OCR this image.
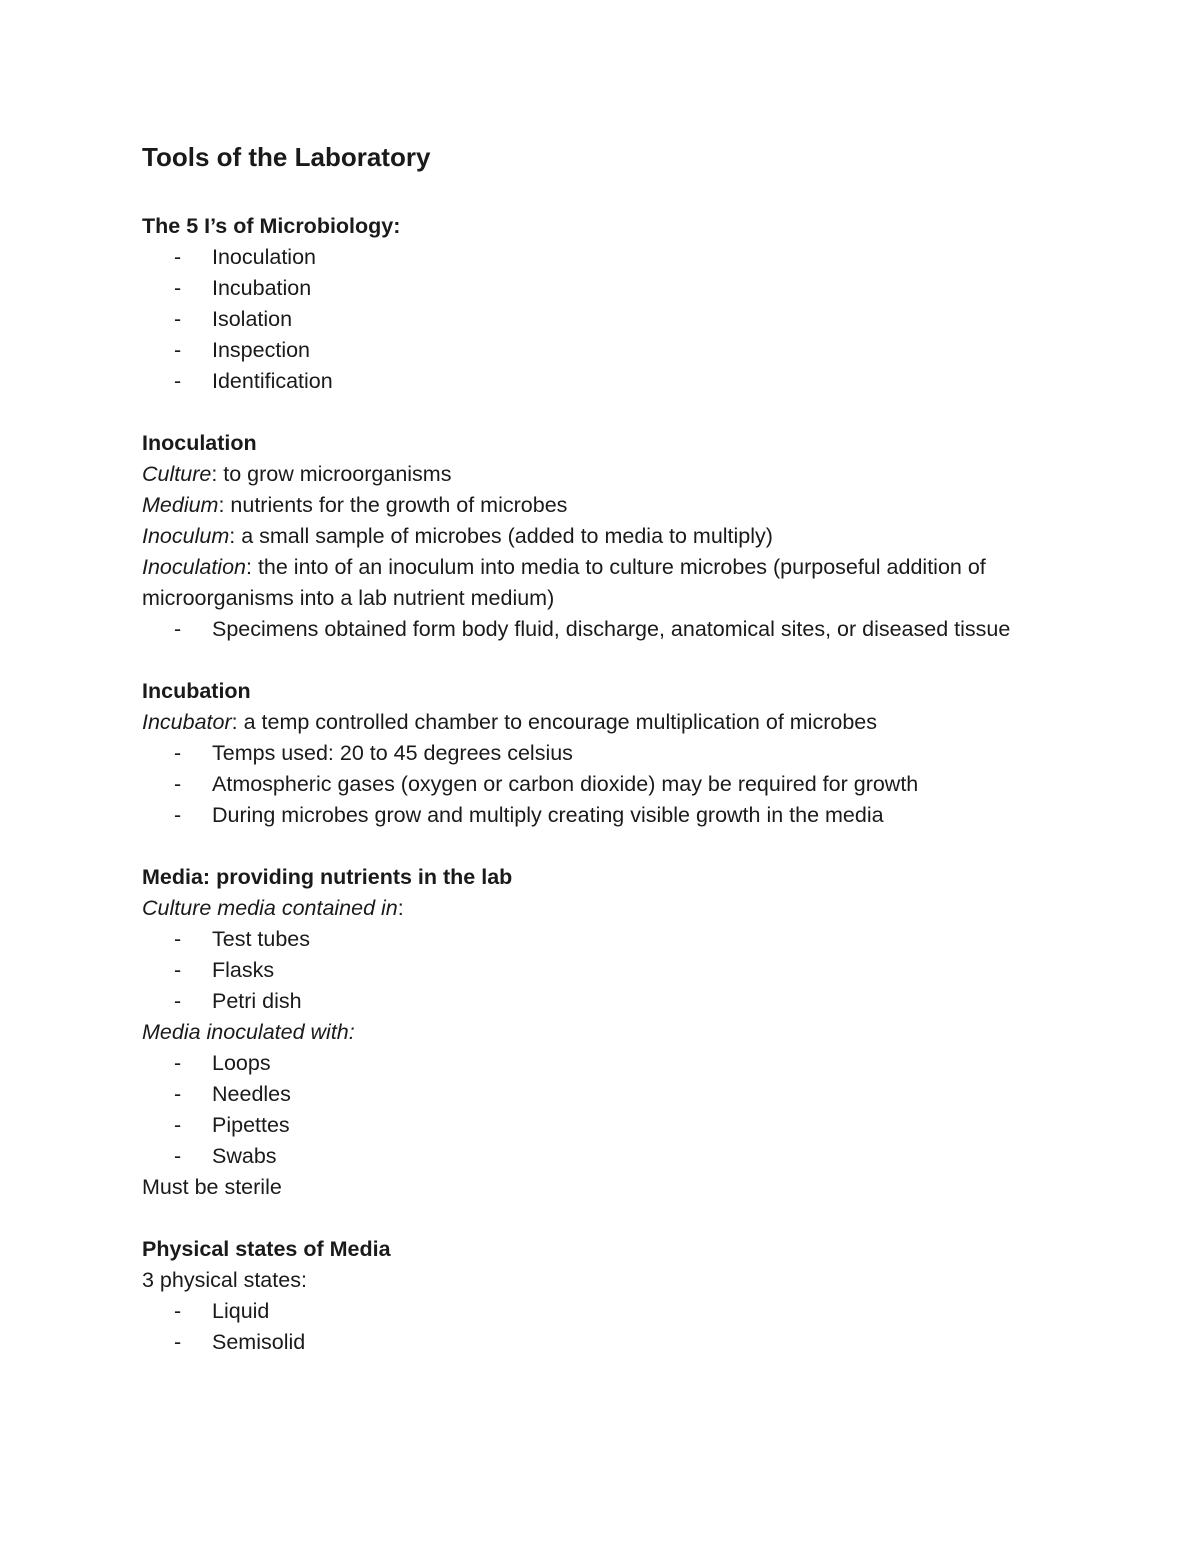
Tools of the Laboratory
The 5 I’s of Microbiology:
- Inoculation
- Incubation
- Isolation
- Inspection
- Identification
Inoculation
Culture: to grow microorganisms
Medium: nutrients for the growth of microbes
Inoculum: a small sample of microbes (added to media to multiply)
Inoculation: the into of an inoculum into media to culture microbes (purposeful addition of microorganisms into a lab nutrient medium)
- Specimens obtained form body fluid, discharge, anatomical sites, or diseased tissue
Incubation
Incubator: a temp controlled chamber to encourage multiplication of microbes
- Temps used: 20 to 45 degrees celsius
- Atmospheric gases (oxygen or carbon dioxide) may be required for growth
- During microbes grow and multiply creating visible growth in the media
Media: providing nutrients in the lab
Culture media contained in:
- Test tubes
- Flasks
- Petri dish
Media inoculated with:
- Loops
- Needles
- Pipettes
- Swabs
Must be sterile
Physical states of Media
3 physical states:
- Liquid
- Semisolid
